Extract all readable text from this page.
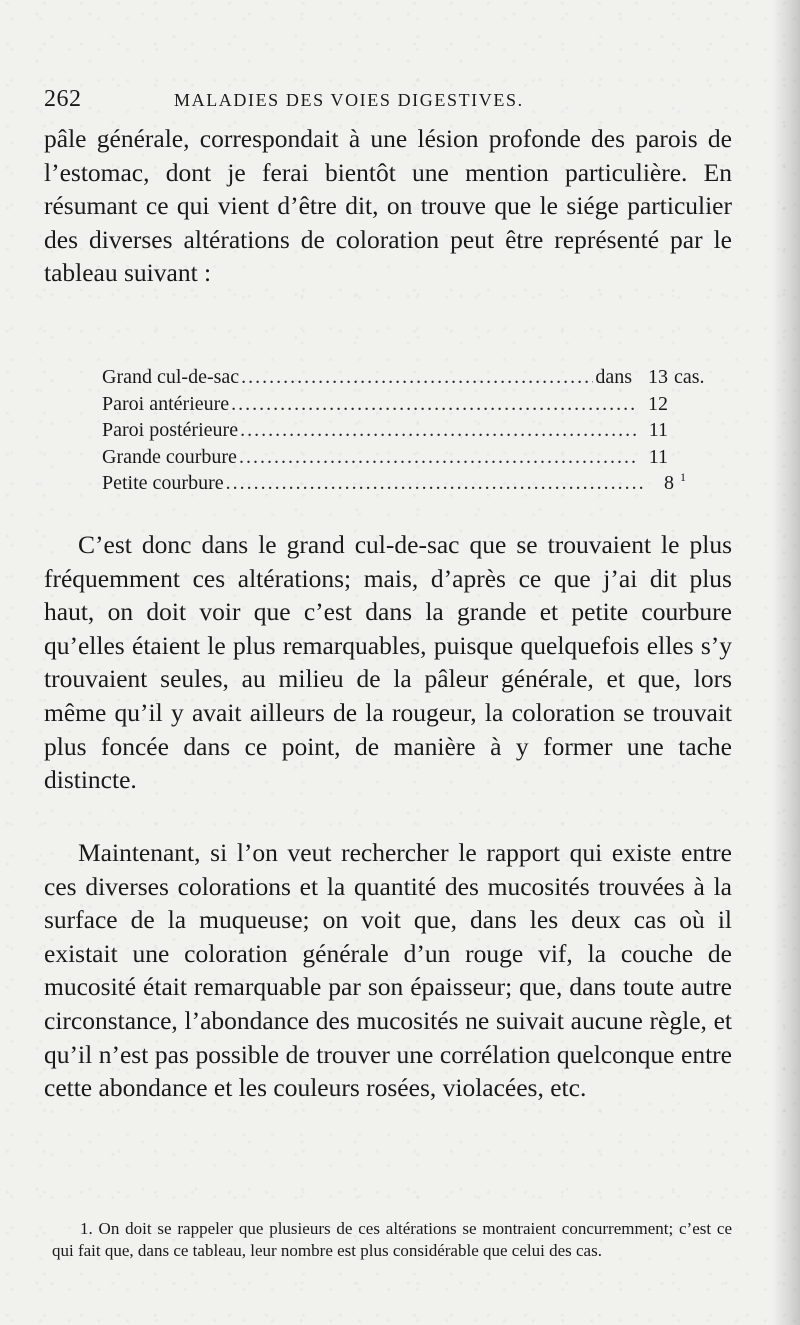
262	MALADIES DES VOIES DIGESTIVES.

pâle générale, correspondait à une lésion profonde des parois de l’estomac, dont je ferai bientôt une mention particulière. En résumant ce qui vient d’être dit, on trouve que le siége particulier des diverses altérations de coloration peut être représenté par le tableau suivant :

Grand cul-de-sac .....	dans 13 cas.
Paroi antérieure .....	12
Paroi postérieure .....	11
Grande courbure .....	11
Petite courbure .....	8 1

C’est donc dans le grand cul-de-sac que se trouvaient le plus fréquemment ces altérations; mais, d’après ce que j’ai dit plus haut, on doit voir que c’est dans la grande et petite courbure qu’elles étaient le plus remarquables, puisque quelquefois elles s’y trouvaient seules, au milieu de la pâleur générale, et que, lors même qu’il y avait ailleurs de la rougeur, la coloration se trouvait plus foncée dans ce point, de manière à y former une tache distincte.

Maintenant, si l’on veut rechercher le rapport qui existe entre ces diverses colorations et la quantité des mucosités trouvées à la surface de la muqueuse; on voit que, dans les deux cas où il existait une coloration générale d’un rouge vif, la couche de mucosité était remarquable par son épaisseur; que, dans toute autre circonstance, l’abondance des mucosités ne suivait aucune règle, et qu’il n’est pas possible de trouver une corrélation quelconque entre cette abondance et les couleurs rosées, violacées, etc.

1. On doit se rappeler que plusieurs de ces altérations se montraient concurremment; c’est ce qui fait que, dans ce tableau, leur nombre est plus considérable que celui des cas.
